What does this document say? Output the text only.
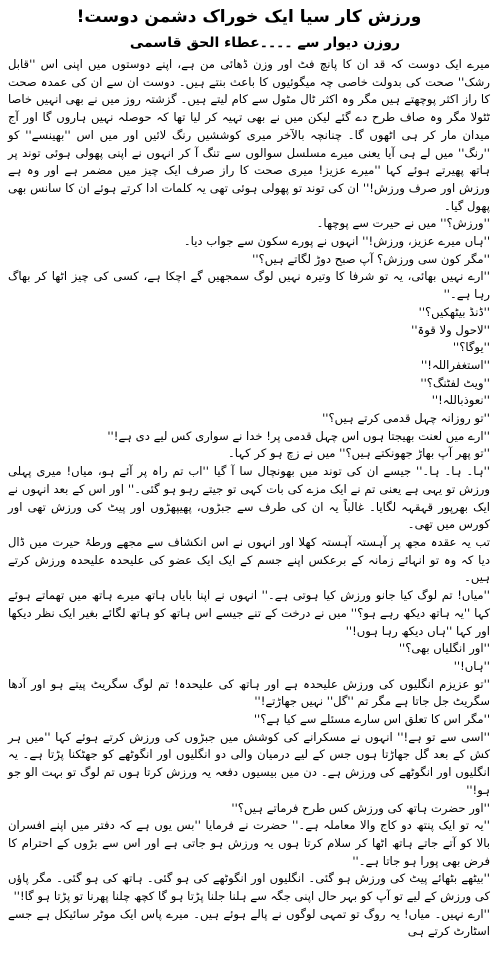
ورزش کار سیا ایک خوراک دشمن دوست!
روزن دیوار سے ۔۔۔۔عطاء الحق قاسمی

میرے ایک دوست کہ قد ان کا پانچ فٹ اور وزن ڈھائی من ہے، اپنے دوستوں میں اپنی اس ''قابل رشک'' صحت کی بدولت خاصی چہ میگوئیوں کا باعث بنتے ہیں۔ دوست ان سے ان کی عمدہ صحت کا راز اکثر پوچھتے ہیں مگر وہ اکثر ٹال مٹول سے کام لیتے ہیں۔ گزشتہ روز میں نے بھی انہیں خاصا ٹٹولا مگر وہ صاف طرح دے گئے لیکن میں نے بھی تہیہ کر لیا تھا کہ حوصلہ نہیں ہاروں گا اور آج میدان مار کر ہی اٹھوں گا۔ چنانچہ بالآخر میری کوششیں رنگ لائیں اور میں اس ''بھینسے'' کو ''رنگ'' میں لے ہی آیا یعنی میرے مسلسل سوالوں سے تنگ آ کر انہوں نے اپنی پھولی ہوئی توند پر ہاتھ پھیرتے ہوئے کہا ''میرے عزیز! میری صحت کا راز صرف ایک چیز میں مضمر ہے اور وہ ہے ورزش اور صرف ورزش!'' ان کی توند تو پھولی ہوئی تھی یہ کلمات ادا کرتے ہوئے ان کا سانس بھی پھول گیا۔

''ورزش؟'' میں نے حیرت سے پوچھا۔

''ہاں میرے عزیز، ورزش!'' انہوں نے پورے سکون سے جواب دیا۔

''مگر کون سی ورزش؟ آپ صبح دوڑ لگاتے ہیں؟''

''ارے نہیں بھائی، یہ تو شرفا کا وتیرہ نہیں لوگ سمجھیں گے اچکا ہے، کسی کی چیز اٹھا کر بھاگ رہا ہے۔''

''ڈنڈ بیٹھکیں؟''

''لاحول ولا قوۃ''

''یوگا؟''

''استغفراللہ!''

''ویٹ لفٹنگ؟''

''نعوذباللہ!''

''تو روزانہ چہل قدمی کرتے ہیں؟''

''ارے میں لعنت بھیجتا ہوں اس چہل قدمی پر! خدا نے سواری کس لیے دی ہے!''

''تو پھر آپ بھاڑ جھونکتے ہیں؟'' میں نے زچ ہو کر کہا۔

''ہا۔ ہا۔ ہا۔'' جیسے ان کی توند میں بھونچال سا آ گیا ''اب تم راہ پر آئے ہو، میاں! میری پہلی ورزش تو یہی ہے یعنی تم نے ایک مزے کی بات کہی تو جیتے رہو ہو گئی۔'' اور اس کے بعد انہوں نے ایک بھرپور قہقہہ لگایا۔ غالباً یہ ان کی طرف سے جبڑوں، پھیپھڑوں اور پیٹ کی ورزش تھی اور کورس میں تھی۔

تب یہ عقدہ مجھ پر آہستہ آہستہ کھلا اور انہوں نے اس انکشاف سے مجھے ورطۂ حیرت میں ڈال دیا کہ وہ تو انہائے زمانہ کے برعکس اپنے جسم کے ایک ایک عضو کی علیحدہ علیحدہ ورزش کرتے ہیں۔

''میاں! تم لوگ کیا جانو ورزش کیا ہوتی ہے۔'' انہوں نے اپنا بایاں ہاتھ میرے ہاتھ میں تھماتے ہوئے کہا ''یہ ہاتھ دیکھ رہے ہو؟'' میں نے درخت کے تنے جیسے اس ہاتھ کو ہاتھ لگائے بغیر ایک نظر دیکھا اور کہا ''ہاں دیکھ رہا ہوں!''

''اور انگلیاں بھی؟''

''ہاں!''

''تو عزیزم انگلیوں کی ورزش علیحدہ ہے اور ہاتھ کی علیحدہ! تم لوگ سگریٹ پیتے ہو اور آدھا سگریٹ جل جاتا ہے مگر تم ''گل'' نہیں جھاڑتے!''

''مگر اس کا تعلق اس سارے مسئلے سے کیا ہے؟''

''اسی سے تو ہے!'' انہوں نے مسکرانے کی کوشش میں جبڑوں کی ورزش کرتے ہوئے کہا ''میں ہر کش کے بعد گل جھاڑتا ہوں جس کے لیے درمیان والی دو انگلیوں اور انگوٹھے کو جھٹکنا پڑتا ہے۔ یہ انگلیوں اور انگوٹھے کی ورزش ہے۔ دن میں بیسیوں دفعہ یہ ورزش کرتا ہوں تم لوگ تو بہت الو جو ہو!''

''اور حضرت ہاتھ کی ورزش کس طرح فرماتے ہیں؟''

''یہ تو ایک پنتھ دو کاج والا معاملہ ہے۔'' حضرت نے فرمایا ''بس یوں ہے کہ دفتر میں اپنے افسران بالا کو آتے جاتے ہاتھ اٹھا کر سلام کرتا ہوں یہ ورزش ہو جاتی ہے اور اس سے بڑوں کے احترام کا فرض بھی پورا ہو جاتا ہے۔''

''بیٹھے بٹھائے پیٹ کی ورزش ہو گئی۔ انگلیوں اور انگوٹھے کی ہو گئی۔ ہاتھ کی ہو گئی۔ مگر پاؤں کی ورزش کے لیے تو آپ کو بہر حال اپنی جگہ سے ہلنا جلنا پڑتا ہو گا کچھ چلنا پھرنا تو پڑتا ہو گا!''

''ارے نہیں۔ میاں! یہ روگ تو تمہی لوگوں نے پالے ہوئے ہیں۔ میرے پاس ایک موٹر سائیکل ہے جسے اسٹارٹ کرتے ہی
